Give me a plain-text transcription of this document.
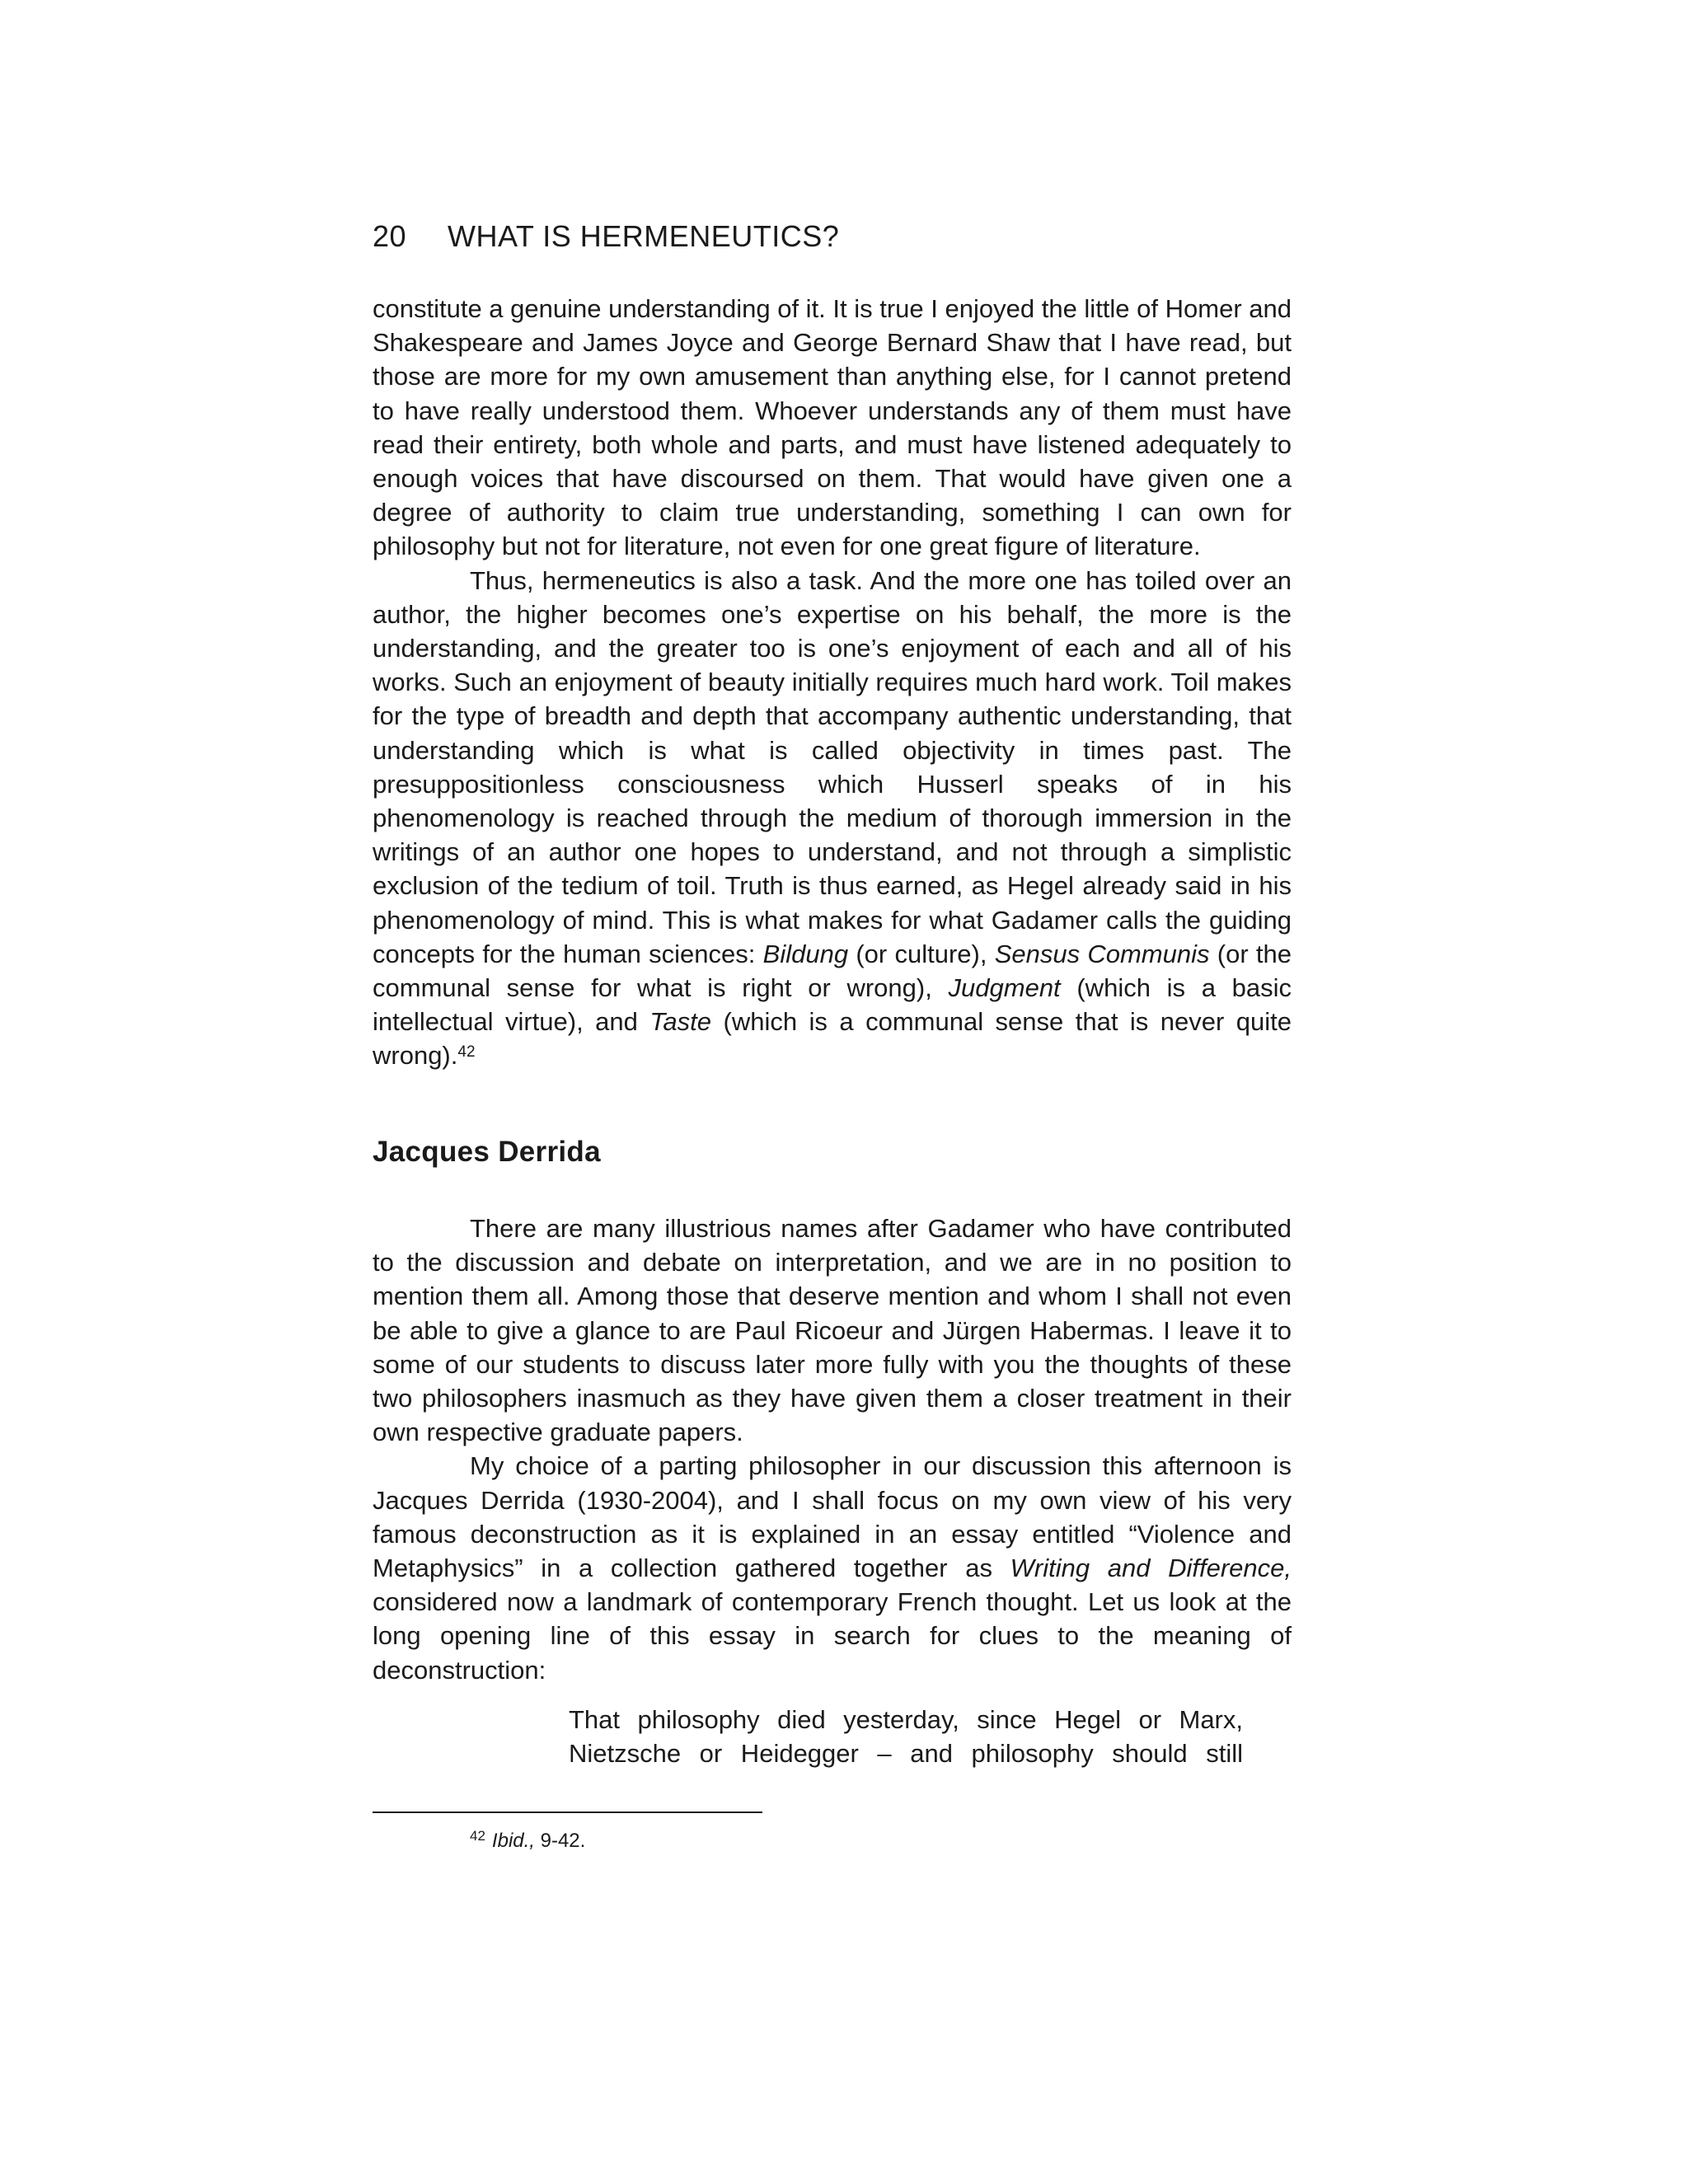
20 WHAT IS HERMENEUTICS?

constitute a genuine understanding of it. It is true I enjoyed the little of Homer and Shakespeare and James Joyce and George Bernard Shaw that I have read, but those are more for my own amusement than anything else, for I cannot pretend to have really understood them. Whoever understands any of them must have read their entirety, both whole and parts, and must have listened adequately to enough voices that have discoursed on them. That would have given one a degree of authority to claim true understanding, something I can own for philosophy but not for literature, not even for one great figure of literature.

Thus, hermeneutics is also a task. And the more one has toiled over an author, the higher becomes one’s expertise on his behalf, the more is the understanding, and the greater too is one’s enjoyment of each and all of his works. Such an enjoyment of beauty initially requires much hard work. Toil makes for the type of breadth and depth that accompany authentic understanding, that understanding which is what is called objectivity in times past. The presuppositionless consciousness which Husserl speaks of in his phenomenology is reached through the medium of thorough immersion in the writings of an author one hopes to understand, and not through a simplistic exclusion of the tedium of toil. Truth is thus earned, as Hegel already said in his phenomenology of mind. This is what makes for what Gadamer calls the guiding concepts for the human sciences: Bildung (or culture), Sensus Communis (or the communal sense for what is right or wrong), Judgment (which is a basic intellectual virtue), and Taste (which is a communal sense that is never quite wrong).$^{42}$

Jacques Derrida

There are many illustrious names after Gadamer who have contributed to the discussion and debate on interpretation, and we are in no position to mention them all. Among those that deserve mention and whom I shall not even be able to give a glance to are Paul Ricoeur and Jürgen Habermas. I leave it to some of our students to discuss later more fully with you the thoughts of these two philosophers inasmuch as they have given them a closer treatment in their own respective graduate papers.

My choice of a parting philosopher in our discussion this afternoon is Jacques Derrida (1930-2004), and I shall focus on my own view of his very famous deconstruction as it is explained in an essay entitled “Violence and Metaphysics” in a collection gathered together as Writing and Difference, considered now a landmark of contemporary French thought. Let us look at the long opening line of this essay in search for clues to the meaning of deconstruction:

That philosophy died yesterday, since Hegel or Marx,
Nietzsche or Heidegger – and philosophy should still
$^{42}$ Ibid., 9-42.
